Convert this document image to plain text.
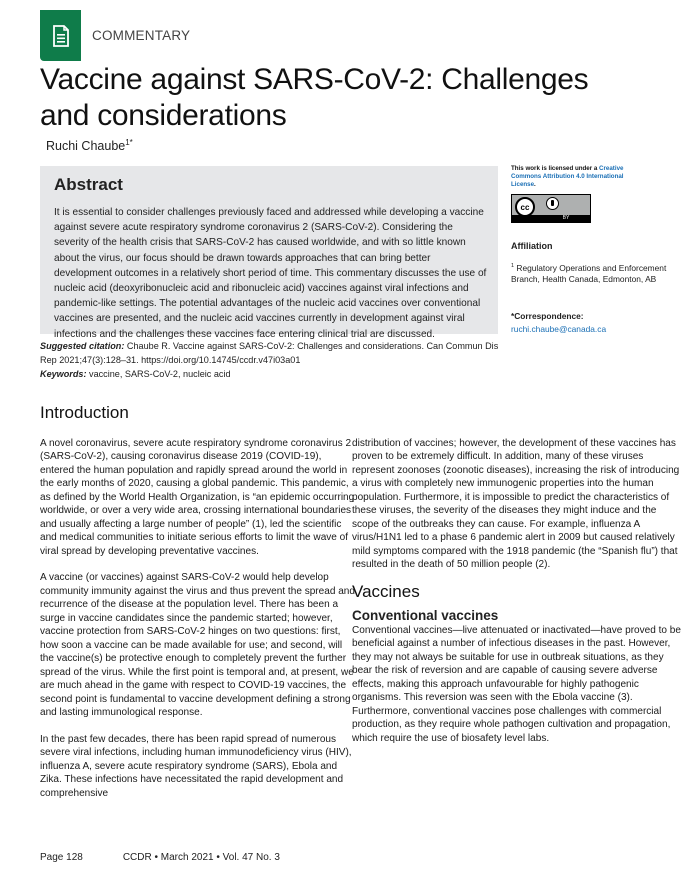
COMMENTARY
Vaccine against SARS-CoV-2: Challenges and considerations
Ruchi Chaube$^{1*}$
Abstract

It is essential to consider challenges previously faced and addressed while developing a vaccine against severe acute respiratory syndrome coronavirus 2 (SARS-CoV-2). Considering the severity of the health crisis that SARS-CoV-2 has caused worldwide, and with so little known about the virus, our focus should be drawn towards approaches that can bring better development outcomes in a relatively short period of time. This commentary discusses the use of nucleic acid (deoxyribonucleic acid and ribonucleic acid) vaccines against viral infections and pandemic-like settings. The potential advantages of the nucleic acid vaccines over conventional vaccines are presented, and the nucleic acid vaccines currently in development against viral infections and the challenges these vaccines face entering clinical trial are discussed.

Suggested citation: Chaube R. Vaccine against SARS-CoV-2: Challenges and considerations. Can Commun Dis Rep 2021;47(3):128–31. https://doi.org/10.14745/ccdr.v47i03a01
Keywords: vaccine, SARS-CoV-2, nucleic acid
This work is licensed under a Creative Commons Attribution 4.0 International License.
cc
BY
Affiliation
$^1$ Regulatory Operations and Enforcement Branch, Health Canada, Edmonton, AB
*Correspondence:
ruchi.chaube@canada.ca
Introduction

A novel coronavirus, severe acute respiratory syndrome coronavirus 2 (SARS-CoV-2), causing coronavirus disease 2019 (COVID-19), entered the human population and rapidly spread around the world in the early months of 2020, causing a global pandemic. This pandemic, as defined by the World Health Organization, is “an epidemic occurring worldwide, or over a very wide area, crossing international boundaries and usually affecting a large number of people” (1), led the scientific and medical communities to initiate serious efforts to limit the wave of viral spread by developing preventative vaccines.

A vaccine (or vaccines) against SARS-CoV-2 would help develop community immunity against the virus and thus prevent the spread and recurrence of the disease at the population level. There has been a surge in vaccine candidates since the pandemic started; however, vaccine protection from SARS-CoV-2 hinges on two questions: first, how soon a vaccine can be made available for use; and second, will the vaccine(s) be protective enough to completely prevent the further spread of the virus. While the first point is temporal and, at present, we are much ahead in the game with respect to COVID-19 vaccines, the second point is fundamental to vaccine development defining a strong and lasting immunological response.

In the past few decades, there has been rapid spread of numerous severe viral infections, including human immunodeficiency virus (HIV), influenza A, severe acute respiratory syndrome (SARS), Ebola and Zika. These infections have necessitated the rapid development and comprehensive

distribution of vaccines; however, the development of these vaccines has proven to be extremely difficult. In addition, many of these viruses represent zoonoses (zoonotic diseases), increasing the risk of introducing a virus with completely new immunogenic properties into the human population. Furthermore, it is impossible to predict the characteristics of these viruses, the severity of the diseases they might induce and the scope of the outbreaks they can cause. For example, influenza A virus/H1N1 led to a phase 6 pandemic alert in 2009 but caused relatively mild symptoms compared with the 1918 pandemic (the “Spanish flu”) that resulted in the death of 50 million people (2).

Vaccines
Conventional vaccines

Conventional vaccines—live attenuated or inactivated—have proved to be beneficial against a number of infectious diseases in the past. However, they may not always be suitable for use in outbreak situations, as they bear the risk of reversion and are capable of causing severe adverse effects, making this approach unfavourable for highly pathogenic organisms. This reversion was seen with the Ebola vaccine (3). Furthermore, conventional vaccines pose challenges with commercial production, as they require whole pathogen cultivation and propagation, which require the use of biosafety level labs.

Page 128	CCDR • March 2021 • Vol. 47 No. 3
